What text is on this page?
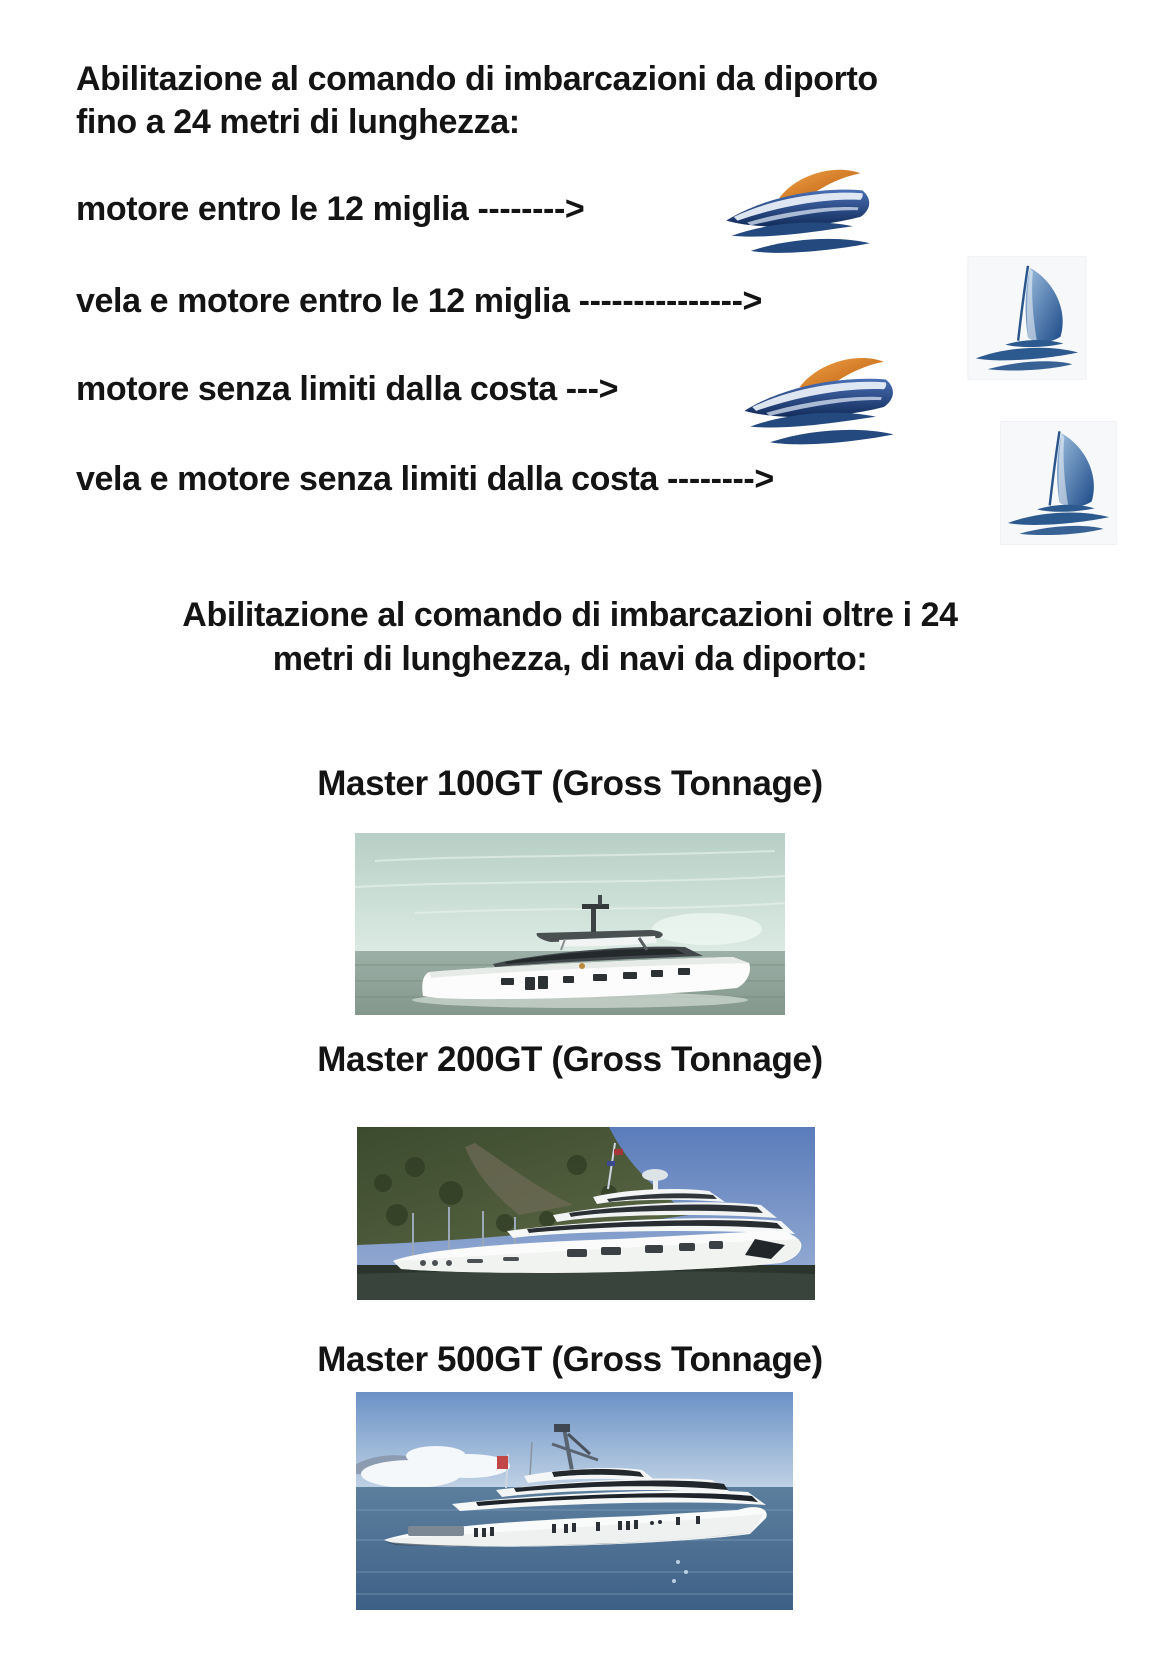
Abilitazione al comando di imbarcazioni da diporto
fino a 24 metri di lunghezza:
motore entro le 12 miglia -------->
vela e motore entro le 12 miglia --------------->
motore senza limiti dalla costa --->
vela e motore senza limiti dalla costa -------->
Abilitazione al comando di imbarcazioni oltre i 24
metri di lunghezza, di navi da diporto:
Master 100GT (Gross Tonnage)
Master 200GT (Gross Tonnage)
Master 500GT (Gross Tonnage)
